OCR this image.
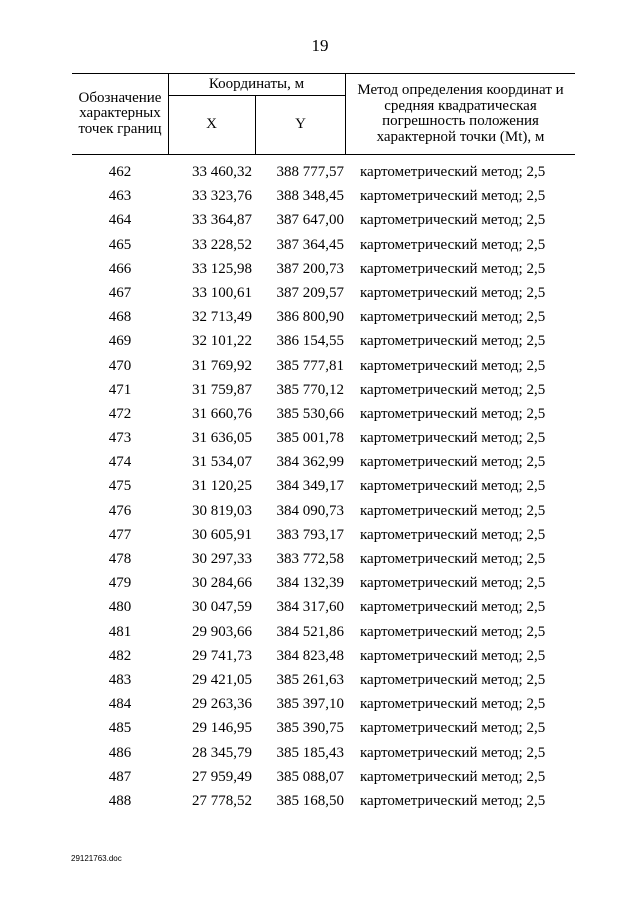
19
Обозначение характерных точек границ
Координаты, м
X	Y
Метод определения координат и средняя квадратическая погрешность положения характерной точки (Mt), м
462	33 460,32	388 777,57 картометрический метод; 2,5
463	33 323,76	388 348,45 картометрический метод; 2,5
464	33 364,87	387 647,00 картометрический метод; 2,5
465	33 228,52	387 364,45 картометрический метод; 2,5
466	33 125,98	387 200,73 картометрический метод; 2,5
467	33 100,61	387 209,57 картометрический метод; 2,5
468	32 713,49	386 800,90 картометрический метод; 2,5
469	32 101,22	386 154,55 картометрический метод; 2,5
470	31 769,92	385 777,81 картометрический метод; 2,5
471	31 759,87	385 770,12 картометрический метод; 2,5
472	31 660,76	385 530,66 картометрический метод; 2,5
473	31 636,05	385 001,78 картометрический метод; 2,5
474	31 534,07	384 362,99 картометрический метод; 2,5
475	31 120,25	384 349,17 картометрический метод; 2,5
476	30 819,03	384 090,73 картометрический метод; 2,5
477	30 605,91	383 793,17 картометрический метод; 2,5
478	30 297,33	383 772,58 картометрический метод; 2,5
479	30 284,66	384 132,39 картометрический метод; 2,5
480	30 047,59	384 317,60 картометрический метод; 2,5
481	29 903,66	384 521,86 картометрический метод; 2,5
482	29 741,73	384 823,48 картометрический метод; 2,5
483	29 421,05	385 261,63 картометрический метод; 2,5
484	29 263,36	385 397,10 картометрический метод; 2,5
485	29 146,95	385 390,75 картометрический метод; 2,5
486	28 345,79	385 185,43 картометрический метод; 2,5
487	27 959,49	385 088,07 картометрический метод; 2,5
488	27 778,52	385 168,50 картометрический метод; 2,5
29121763.doc
